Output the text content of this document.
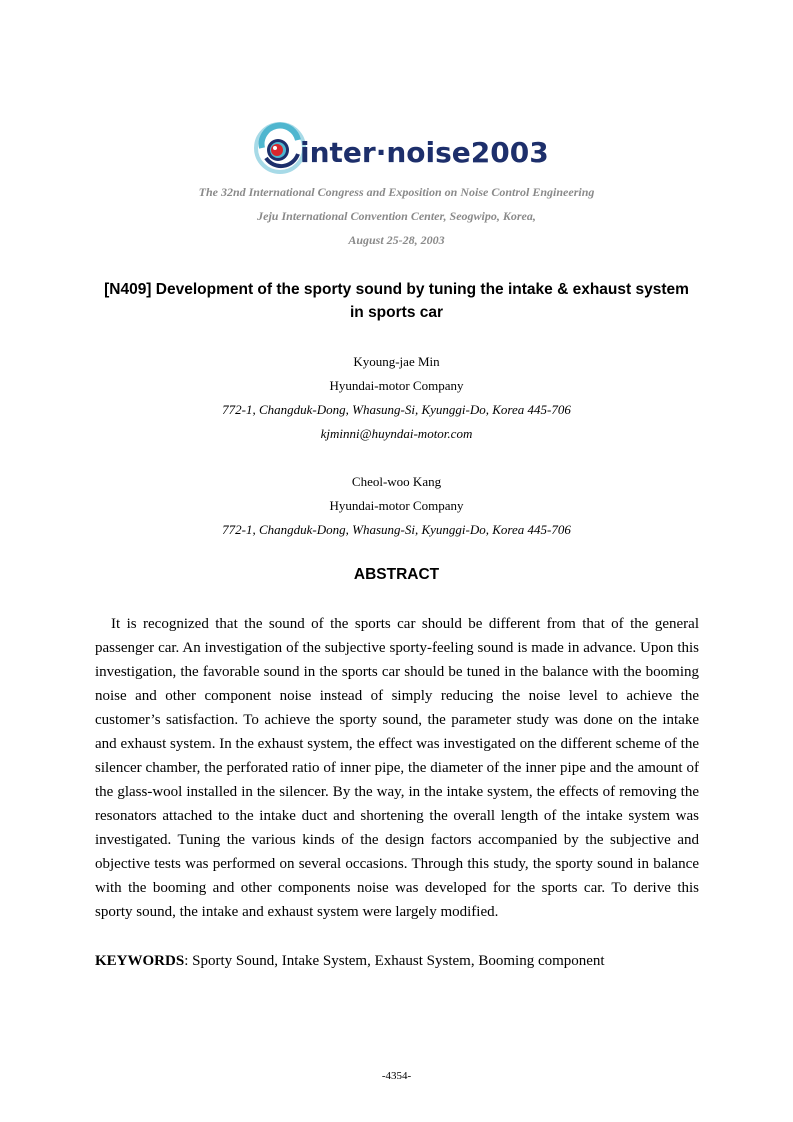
inter·noise2003
The 32nd International Congress and Exposition on Noise Control Engineering
Jeju International Convention Center, Seogwipo, Korea,
August 25-28, 2003
[N409] Development of the sporty sound by tuning the intake & exhaust system
in sports car
Kyoung-jae Min
Hyundai-motor Company
772-1, Changduk-Dong, Whasung-Si, Kyunggi-Do, Korea 445-706
kjminni@huyndai-motor.com
Cheol-woo Kang
Hyundai-motor Company
772-1, Changduk-Dong, Whasung-Si, Kyunggi-Do, Korea 445-706
ABSTRACT

It is recognized that the sound of the sports car should be different from that of the general passenger car. An investigation of the subjective sporty-feeling sound is made in advance. Upon this investigation, the favorable sound in the sports car should be tuned in the balance with the booming noise and other component noise instead of simply reducing the noise level to achieve the customer’s satisfaction. To achieve the sporty sound, the parameter study was done on the intake and exhaust system. In the exhaust system, the effect was investigated on the different scheme of the silencer chamber, the perforated ratio of inner pipe, the diameter of the inner pipe and the amount of the glass-wool installed in the silencer. By the way, in the intake system, the effects of removing the resonators attached to the intake duct and shortening the overall length of the intake system was investigated. Tuning the various kinds of the design factors accompanied by the subjective and objective tests was performed on several occasions. Through this study, the sporty sound in balance with the booming and other components noise was developed for the sports car. To derive this sporty sound, the intake and exhaust system were largely modified.

KEYWORDS: Sporty Sound, Intake System, Exhaust System, Booming component

-4354-
